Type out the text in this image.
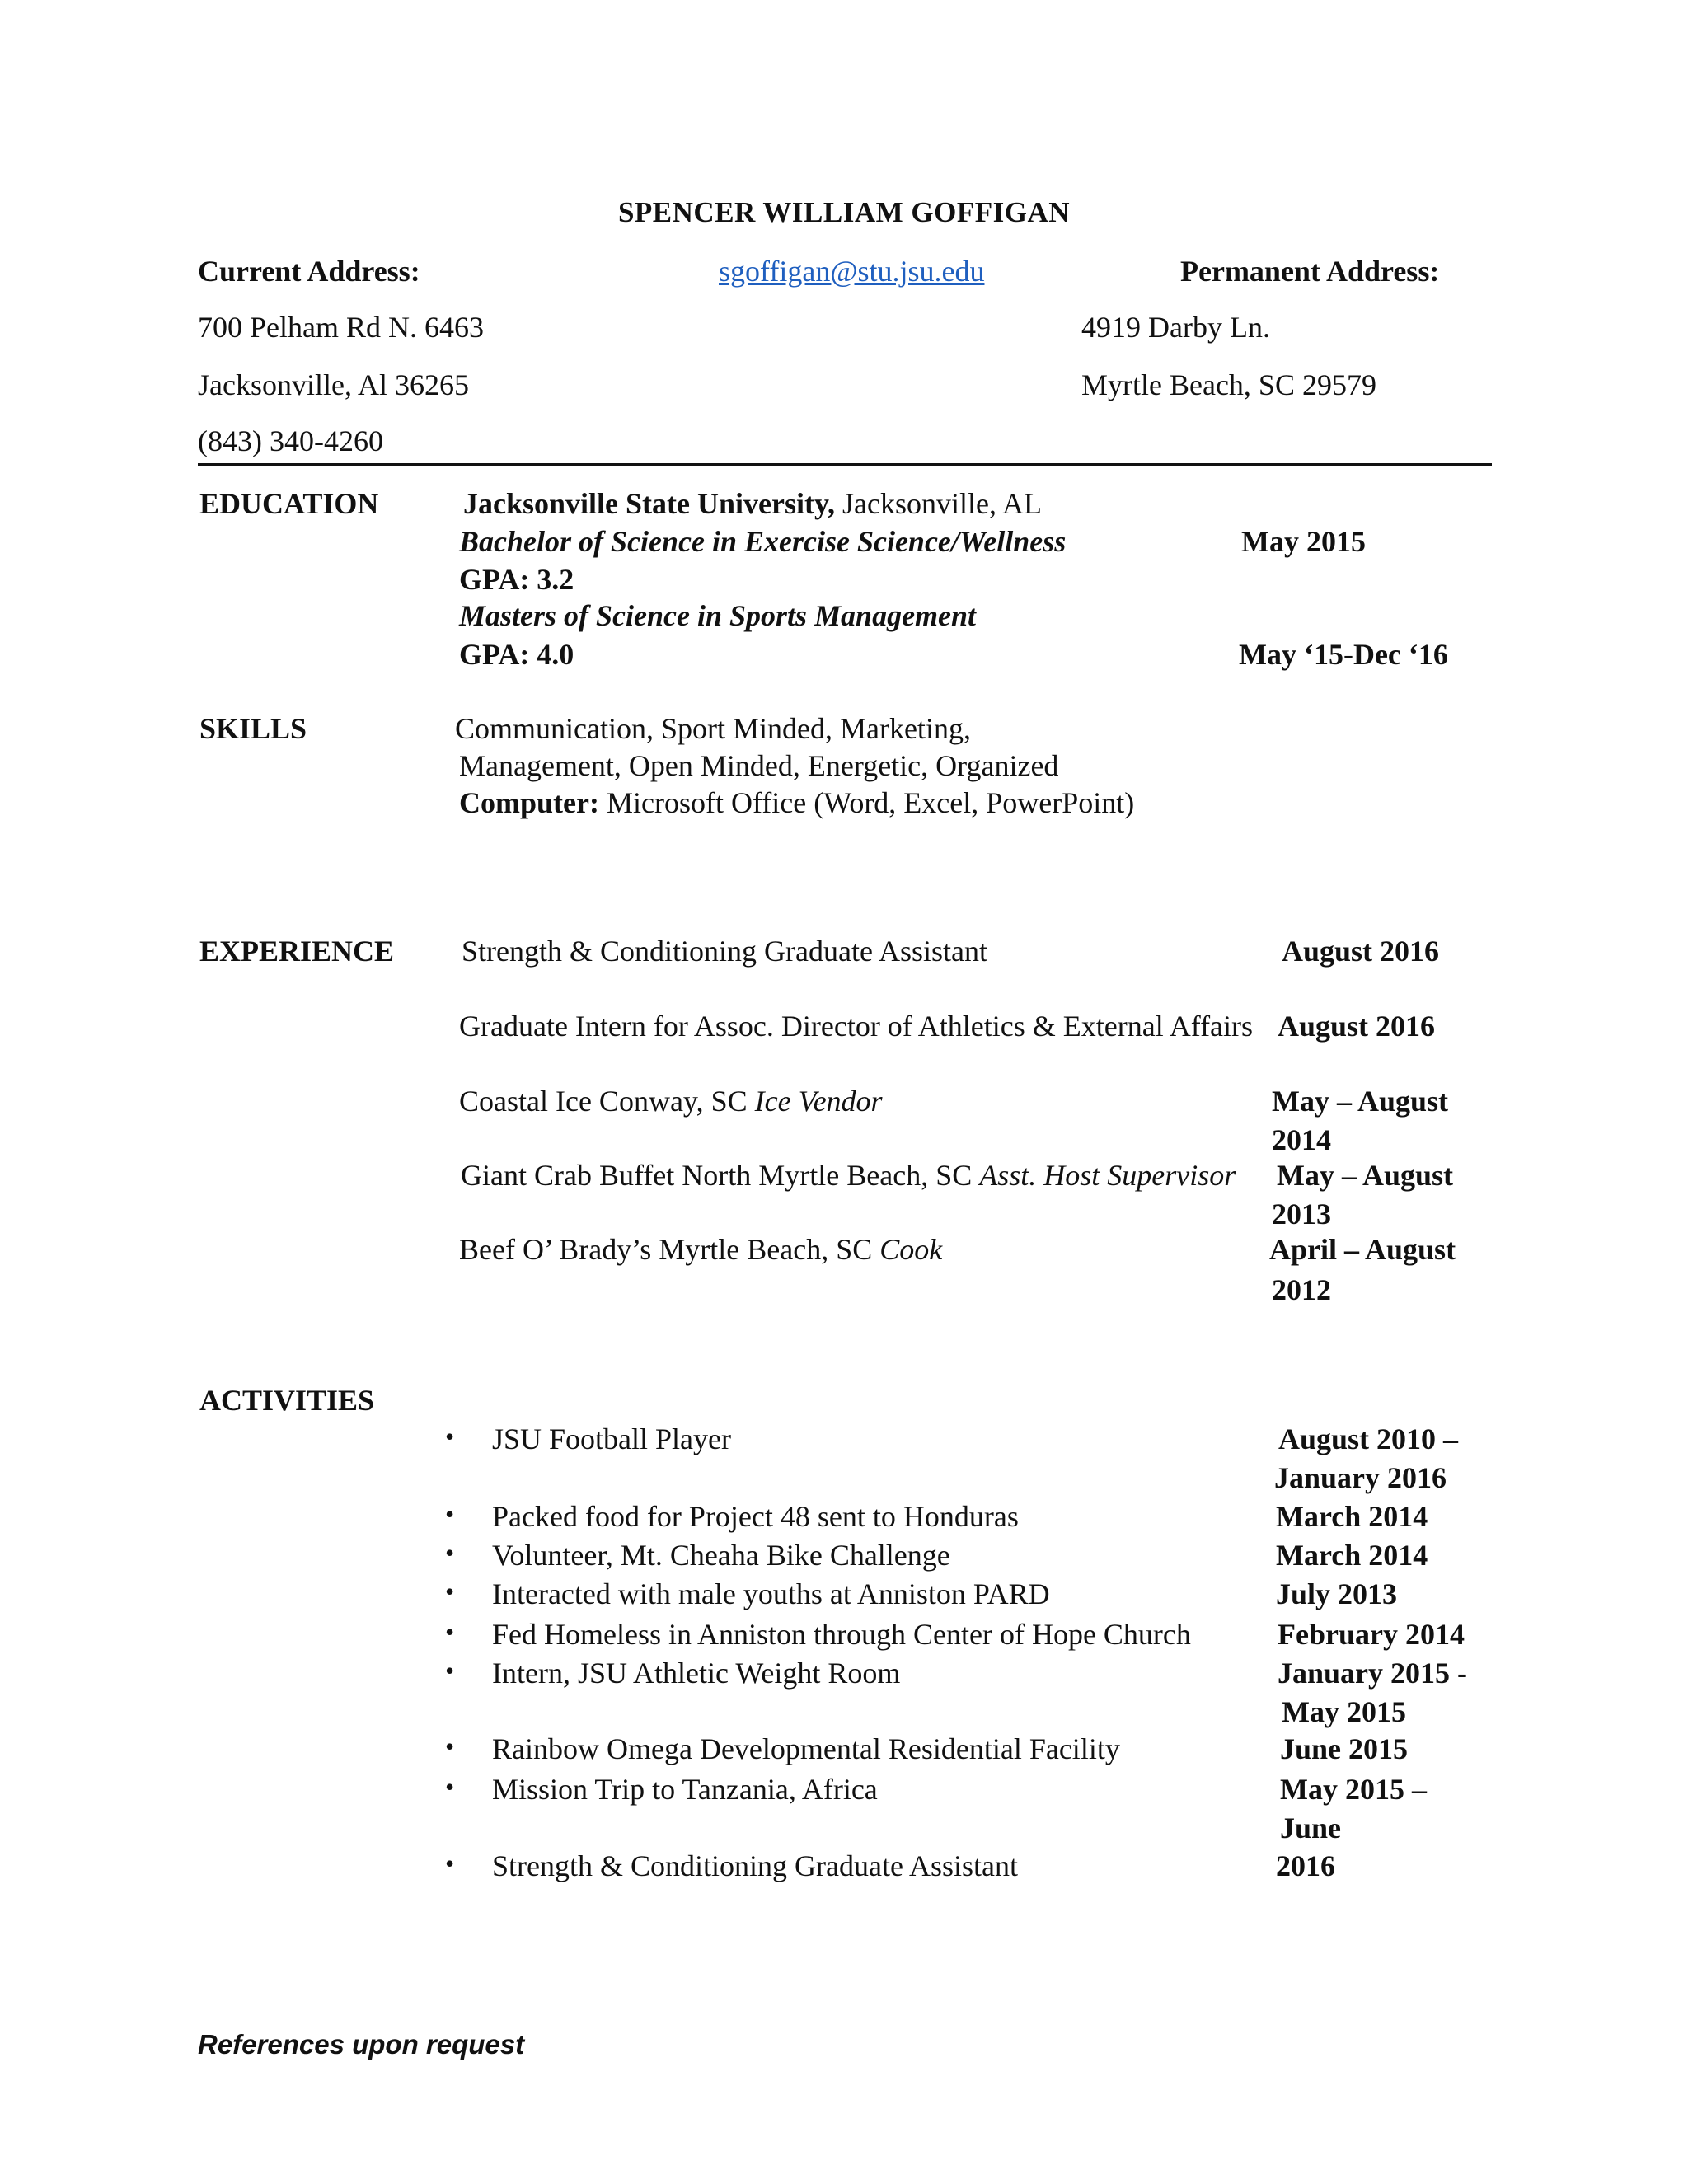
SPENCER WILLIAM GOFFIGAN
Current Address:	sgoffigan@stu.jsu.edu	Permanent Address:
700 Pelham Rd N. 6463
Jacksonville, Al 36265
(843) 340-4260
4919 Darby Ln.
Myrtle Beach, SC 29579
EDUCATION	Jacksonville State University, Jacksonville, AL
Bachelor of Science in Exercise Science/Wellness	May 2015
GPA: 3.2
Masters of Science in Sports Management
GPA: 4.0	May ‘15-Dec ‘16
SKILLS	Communication, Sport Minded, Marketing,
Management, Open Minded, Energetic, Organized
Computer: Microsoft Office (Word, Excel, PowerPoint)
EXPERIENCE Strength & Conditioning Graduate Assistant	August 2016
Graduate Intern for Assoc. Director of Athletics & External Affairs August 2016
Coastal Ice Conway, SC Ice Vendor	May – August
2014
Giant Crab Buffet North Myrtle Beach, SC Asst. Host Supervisor May – August
2013
Beef O’ Brady’s Myrtle Beach, SC Cook	April – August
2012
ACTIVITIES
• JSU Football Player	August 2010 –
January 2016
• Packed food for Project 48 sent to Honduras	March 2014
• Volunteer, Mt. Cheaha Bike Challenge	March 2014
• Interacted with male youths at Anniston PARD	July 2013
• Fed Homeless in Anniston through Center of Hope Church	February 2014
• Intern, JSU Athletic Weight Room	January 2015 -
May 2015
• Rainbow Omega Developmental Residential Facility	June 2015
• Mission Trip to Tanzania, Africa	May 2015 –
June
• Strength & Conditioning Graduate Assistant	2016
References upon request
